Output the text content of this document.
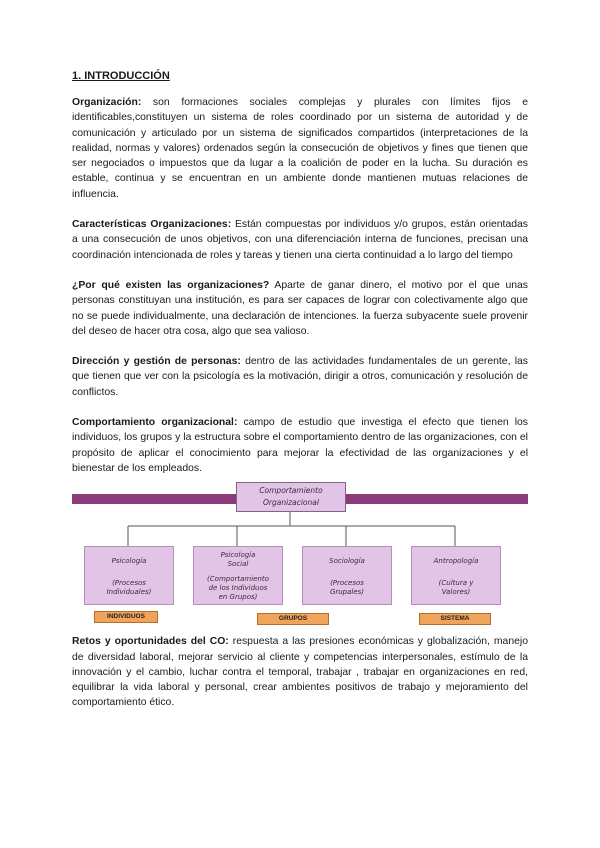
1. INTRODUCCIÓN

Organización: son formaciones sociales complejas y plurales con límites fijos e identificables,constituyen un sistema de roles coordinado por un sistema de autoridad y de comunicación y articulado por un sistema de significados compartidos (interpretaciones de la realidad, normas y valores) ordenados según la consecución de objetivos y fines que tienen que ser negociados o impuestos que da lugar a la coalición de poder en la lucha. Su duración es estable, continua y se encuentran en un ambiente donde mantienen mutuas relaciones de influencia.

Características Organizaciones: Están compuestas por individuos y/o grupos, están orientadas a una consecución de unos objetivos, con una diferenciación interna de funciones, precisan una coordinación intencionada de roles y tareas y tienen una cierta continuidad a lo largo del tiempo

¿Por qué existen las organizaciones? Aparte de ganar dinero, el motivo por el que unas personas constituyan una institución, es para ser capaces de lograr con colectivamente algo que no se puede individualmente, una declaración de intenciones. la fuerza subyacente suele provenir del deseo de hacer otra cosa, algo que sea valioso.

Dirección y gestión de personas: dentro de las actividades fundamentales de un gerente, las que tienen que ver con la psicología es la motivación, dirigir a otros, comunicación y resolución de conflictos.

Comportamiento organizacional: campo de estudio que investiga el efecto que tienen los individuos, los grupos y la estructura sobre el comportamiento dentro de las organizaciones, con el propósito de aplicar el conocimiento para mejorar la efectividad de las organizaciones y el bienestar de los empleados.

Comportamiento
Organizacional
Psicología
(Procesos
Individuales)
Psicología
Social
(Comportamiento
de los Individuos
en Grupos)
Sociología
(Procesos
Grupales)
Antropología
(Cultura y
Valores)
INDIVIDUOS	GRUPOS	SISTEMA

Retos y oportunidades del CO: respuesta a las presiones económicas y globalización, manejo de diversidad laboral, mejorar servicio al cliente y competencias interpersonales, estímulo de la innovación y el cambio, luchar contra el temporal, trabajar , trabajar en organizaciones en red, equilibrar la vida laboral y personal, crear ambientes positivos de trabajo y mejoramiento del comportamiento ético.
